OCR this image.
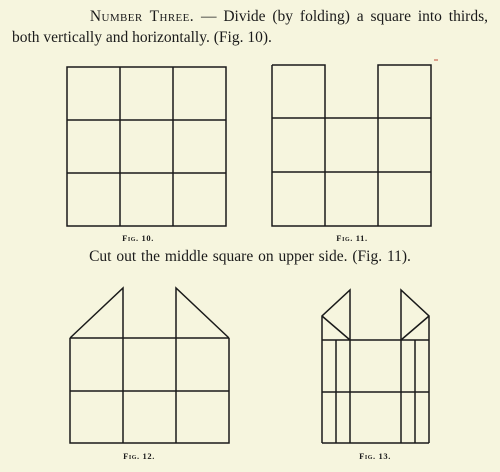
Number Three. — Divide (by folding) a square into thirds,
both vertically and horizontally. (Fig. 10).

Fig. 10.	Fig. 11.

Cut out the middle square on upper side. (Fig. 11).

Fig. 12.	Fig. 13.
